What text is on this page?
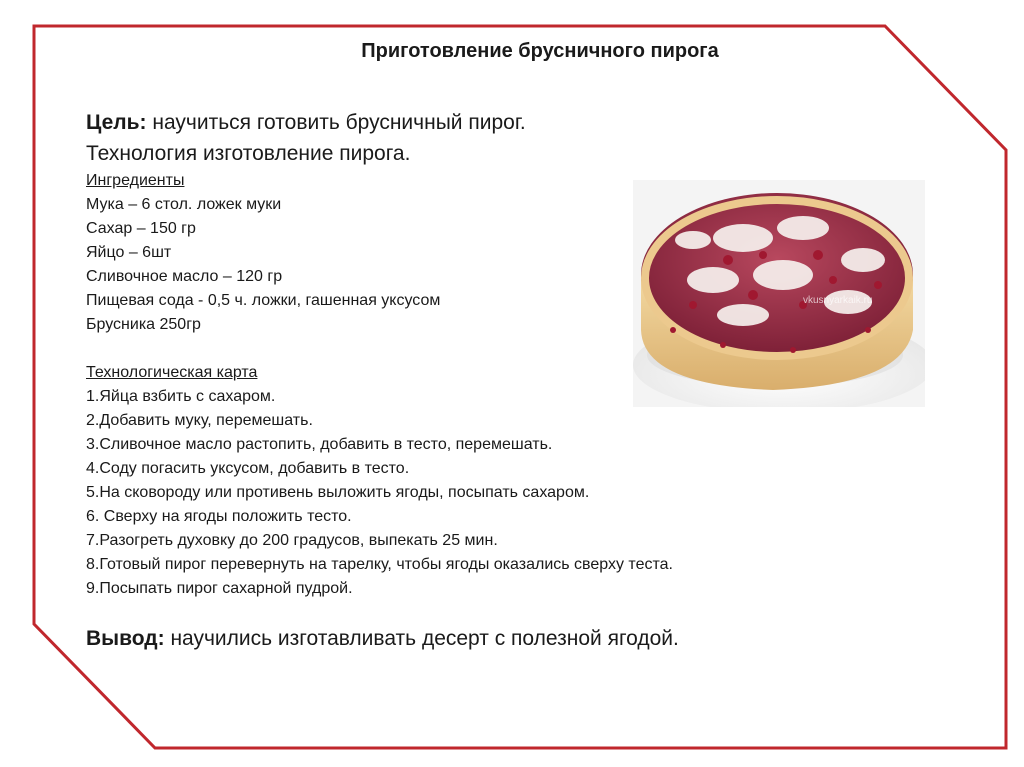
Приготовление брусничного пирога
Цель: научиться готовить брусничный пирог.
Технология изготовление пирога.
Ингредиенты
Мука – 6 стол. ложек муки
Сахар – 150 гр
Яйцо – 6шт
Сливочное масло – 120 гр
Пищевая сода - 0,5 ч. ложки, гашенная уксусом
Брусника 250гр
Технологическая карта
1.Яйца взбить с сахаром.
2.Добавить муку, перемешать.
3.Сливочное масло растопить, добавить в тесто, перемешать.
4.Соду погасить уксусом, добавить в тесто.
5.На сковороду или противень выложить ягоды, посыпать сахаром.
6. Сверху на ягоды положить тесто.
7.Разогреть духовку до 200 градусов, выпекать 25 мин.
8.Готовый пирог перевернуть на тарелку, чтобы ягоды оказались сверху теста.
9.Посыпать пирог сахарной пудрой.
Вывод: научились изготавливать десерт с полезной ягодой.
vkusnyarkaik.ru
